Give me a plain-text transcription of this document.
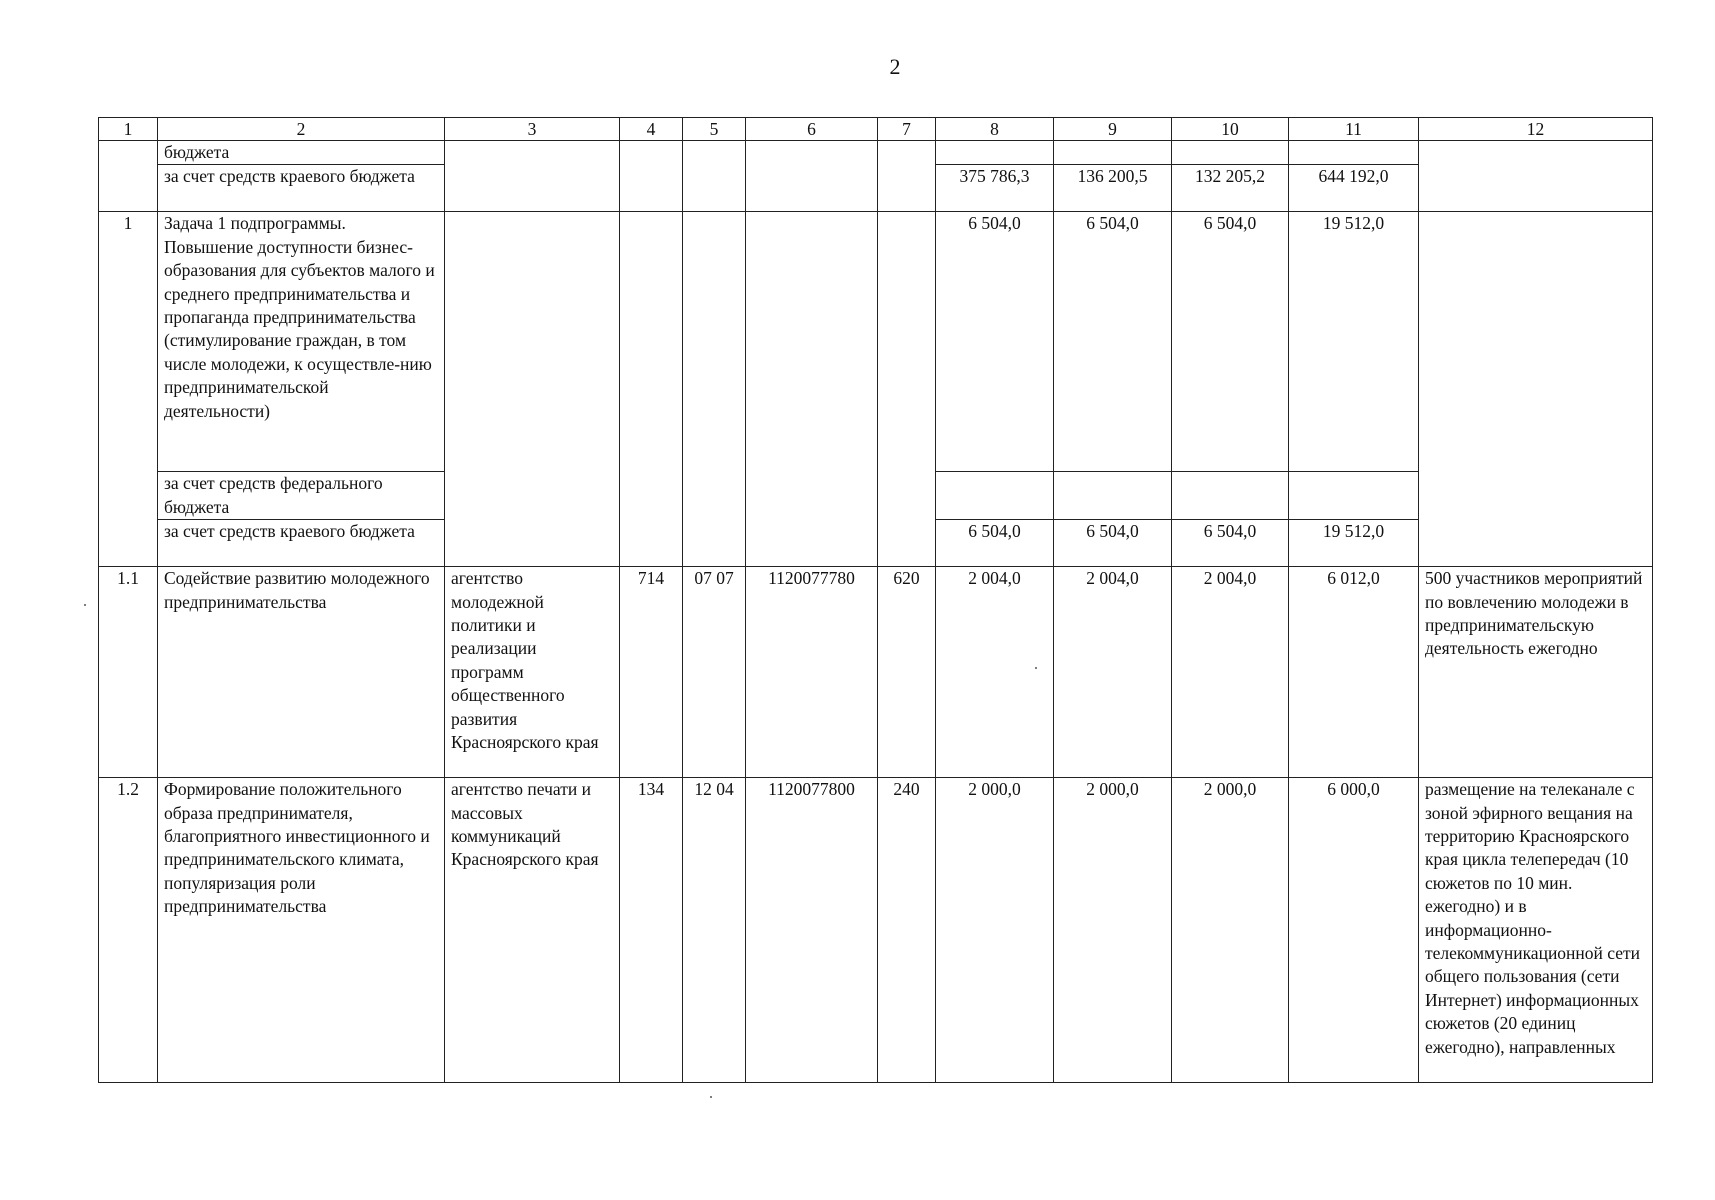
2
1	2	3	4	5	6	7	8	9	10	11	12
	бюджета										
	за счет средств краевого бюджета						375 786,3	136 200,5	132 205,2	644 192,0	
1	Задача 1 подпрограммы. Повышение доступности бизнес-образования для субъектов малого и среднего предпринимательства и пропаганда предпринимательства (стимулирование граждан, в том числе молодежи, к осуществле-нию предпринимательской деятельности)						6 504,0	6 504,0	6 504,0	19 512,0	
	за счет средств федерального бюджета										
	за счет средств краевого бюджета						6 504,0	6 504,0	6 504,0	19 512,0	
1.1	Содействие развитию молодежного предпринимательства	агентство молодежной политики и реализации программ общественного развития Красноярского края	714	07 07	1120077780	620	2 004,0	2 004,0	2 004,0	6 012,0	500 участников мероприятий по вовлечению молодежи в предпринимательскую деятельность ежегодно
1.2	Формирование положительного образа предпринимателя, благоприятного инвестиционного и предпринимательского климата, популяризация роли предпринимательства	агентство печати и массовых коммуникаций Красноярского края	134	12 04	1120077800	240	2 000,0	2 000,0	2 000,0	6 000,0	размещение на телеканале с зоной эфирного вещания на территорию Красноярского края цикла телепередач (10 сюжетов по 10 мин. ежегодно) и в информационно-телекоммуникационной сети общего пользования (сети Интернет) информационных сюжетов (20 единиц ежегодно), направленных
